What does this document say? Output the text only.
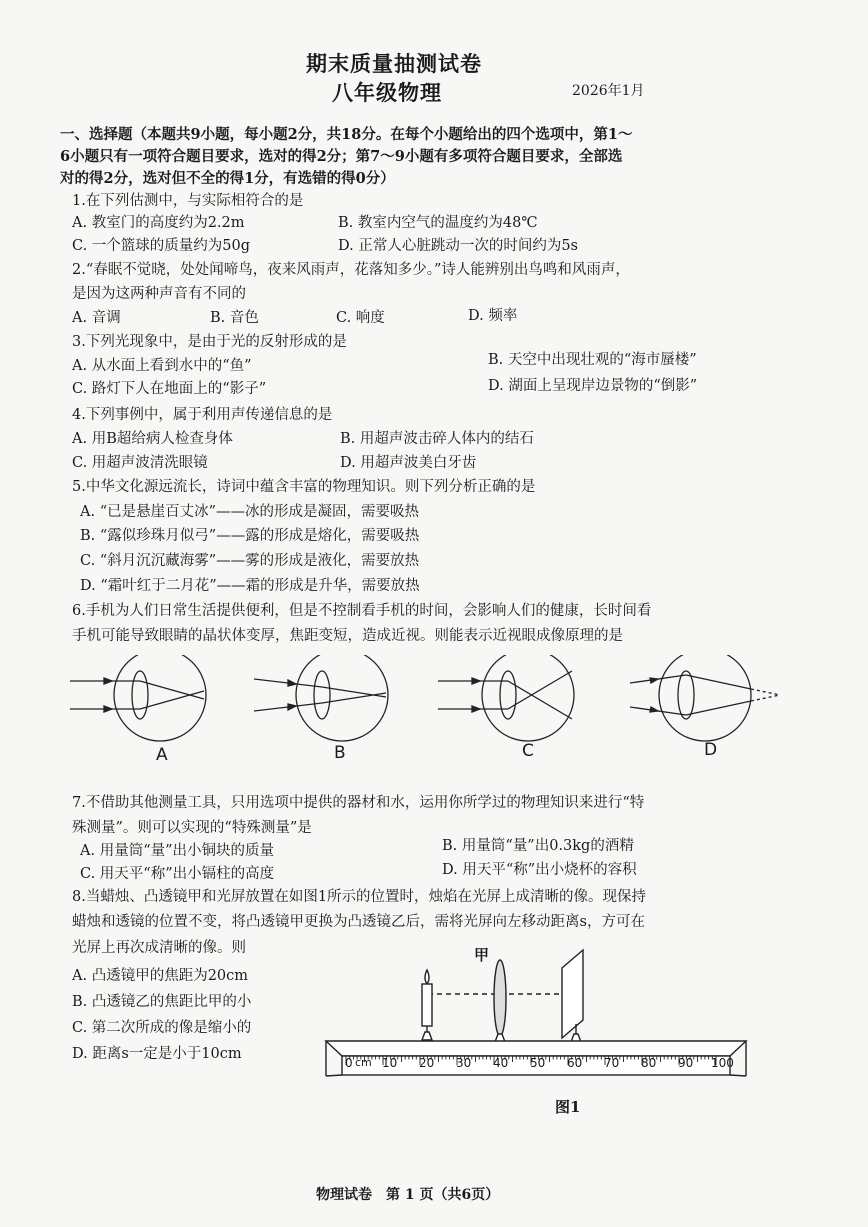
期末质量抽测试卷
八年级物理	2026年1月
一、选择题（本题共9小题，每小题2分，共18分。在每个小题给出的四个选项中，第1～
6小题只有一项符合题目要求，选对的得2分；第7～9小题有多项符合题目要求，全部选
对的得2分，选对但不全的得1分，有选错的得0分）
1.在下列估测中，与实际相符合的是
A. 教室门的高度约为2.2m	B. 教室内空气的温度约为48℃
C. 一个篮球的质量约为50g	D. 正常人心脏跳动一次的时间约为5s
2.“春眠不觉晓，处处闻啼鸟，夜来风雨声，花落知多少。”诗人能辨别出鸟鸣和风雨声，
是因为这两种声音有不同的
A. 音调	B. 音色	C. 响度	D. 频率
3.下列光现象中，是由于光的反射形成的是
A. 从水面上看到水中的“鱼”	B. 天空中出现壮观的“海市蜃楼”
C. 路灯下人在地面上的“影子”	D. 湖面上呈现岸边景物的“倒影”
4.下列事例中，属于利用声传递信息的是
A. 用B超给病人检查身体	B. 用超声波击碎人体内的结石
C. 用超声波清洗眼镜	D. 用超声波美白牙齿
5.中华文化源远流长，诗词中蕴含丰富的物理知识。则下列分析正确的是
A. “已是悬崖百丈冰”——冰的形成是凝固，需要吸热
B. “露似珍珠月似弓”——露的形成是熔化，需要吸热
C. “斜月沉沉藏海雾”——雾的形成是液化，需要放热
D. “霜叶红于二月花”——霜的形成是升华，需要放热
6.手机为人们日常生活提供便利，但是不控制看手机的时间，会影响人们的健康，长时间看
手机可能导致眼睛的晶状体变厚，焦距变短，造成近视。则能表示近视眼成像原理的是
A	B	C	D
7.不借助其他测量工具，只用选项中提供的器材和水，运用你所学过的物理知识来进行“特
殊测量”。则可以实现的“特殊测量”是
A. 用量筒“量”出小铜块的质量	B. 用量筒“量”出0.3kg的酒精
C. 用天平“称”出小镉柱的高度	D. 用天平“称”出小烧杯的容积
8.当蜡烛、凸透镜甲和光屏放置在如图1所示的位置时，烛焰在光屏上成清晰的像。现保持
蜡烛和透镜的位置不变，将凸透镜甲更换为凸透镜乙后，需将光屏向左移动距离s，方可在
光屏上再次成清晰的像。则
A. 凸透镜甲的焦距为20cm
B. 凸透镜乙的焦距比甲的小
C. 第二次所成的像是缩小的
D. 距离s一定是小于10cm
甲
0 cm 10 20 30 40 50 60 70 80 90 100
图1
物理试卷　第 1 页（共6页）
